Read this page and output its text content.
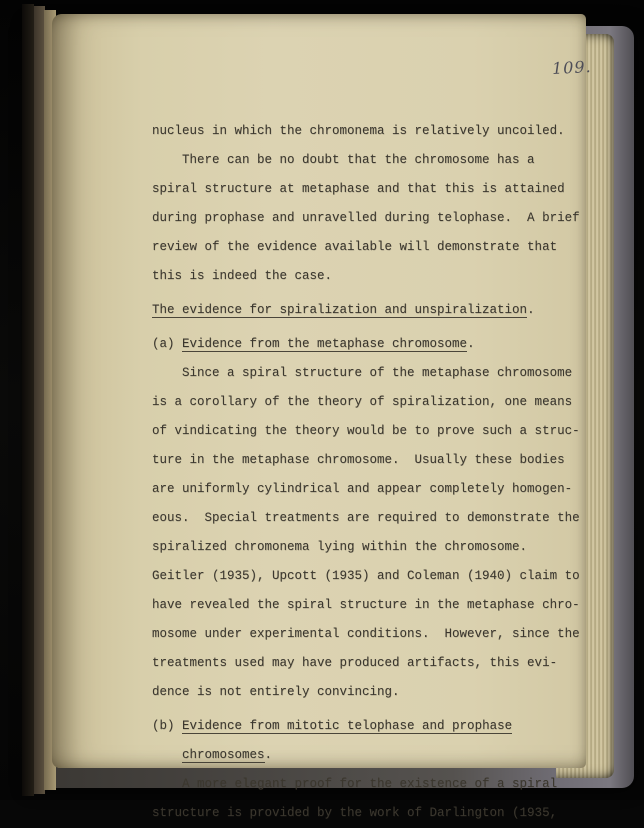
109.
nucleus in which the chromonema is relatively uncoiled.
There can be no doubt that the chromosome has a
spiral structure at metaphase and that this is attained
during prophase and unravelled during telophase.  A brief
review of the evidence available will demonstrate that
this is indeed the case.
The evidence for spiralization and unspiralization.
(a) Evidence from the metaphase chromosome.
Since a spiral structure of the metaphase chromosome
is a corollary of the theory of spiralization, one means
of vindicating the theory would be to prove such a struc-
ture in the metaphase chromosome.  Usually these bodies
are uniformly cylindrical and appear completely homogen-
eous.  Special treatments are required to demonstrate the
spiralized chromonema lying within the chromosome.
Geitler (1935), Upcott (1935) and Coleman (1940) claim to
have revealed the spiral structure in the metaphase chro-
mosome under experimental conditions.  However, since the
treatments used may have produced artifacts, this evi-
dence is not entirely convincing.
(b) Evidence from mitotic telophase and prophase
chromosomes.
A more elegant proof for the existence of a spiral
structure is provided by the work of Darlington (1935,
